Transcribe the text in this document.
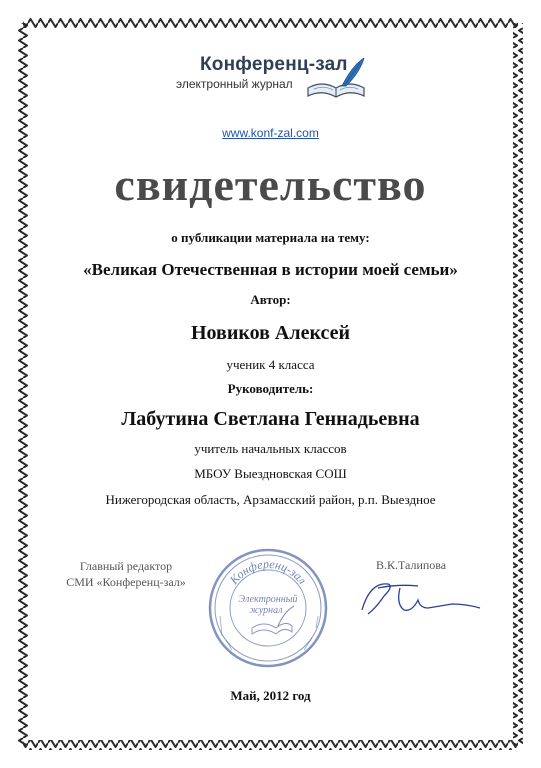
Конференц-зал
электронный журнал
www.konf-zal.com
свидетельство
о публикации материала на тему:
«Великая Отечественная в истории моей семьи»
Автор:
Новиков Алексей
ученик 4 класса
Руководитель:
Лабутина Светлана Геннадьевна
учитель начальных классов
МБОУ Выездновская СОШ
Нижегородская область, Арзамасский район, р.п. Выездное
Главный редактор
СМИ «Конференц-зал»	Конференц-зал
Электронный
журнал
В.К.Талипова
Май, 2012 год
